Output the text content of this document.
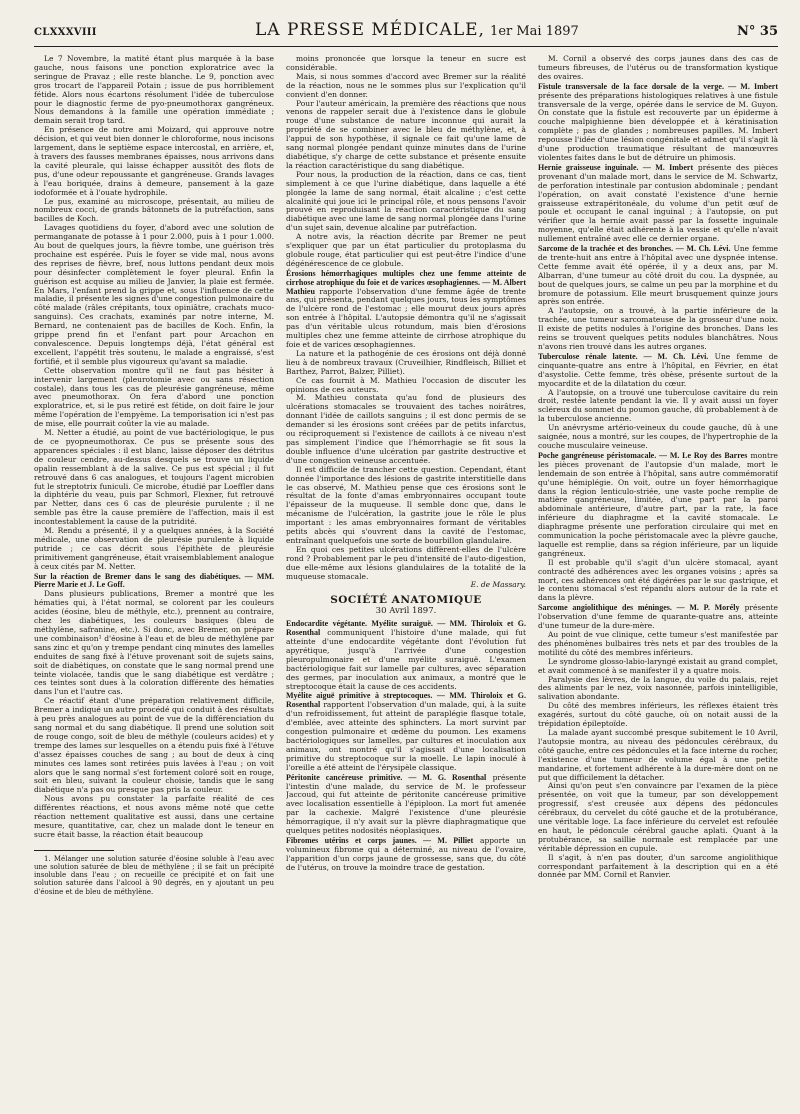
CLXXXVIII	LA PRESSE MÉDICALE, 1er Mai 1897	N° 35

Le 7 Novembre, la matité étant plus marquée à la base gauche, nous faisons une ponction exploratrice avec la seringue de Pravaz ; elle reste blanche. Le 9, ponction avec gros trocart de l'appareil Potain ; issue de pus horriblement fétide. Alors nous écartons résolument l'idée de tuberculose pour le diagnostic ferme de pyo-pneumothorax gangréneux. Nous demandons à la famille une opération immédiate ; demain serait trop tard.

En présence de notre ami Moizard, qui approuve notre décision, et qui veut bien donner le chloroforme, nous incisons largement, dans le septième espace intercostal, en arrière, et, à travers des fausses membranes épaisses, nous arrivons dans la cavité pleurale, qui laisse échapper aussitôt des flots de pus, d'une odeur repoussante et gangréneuse. Grands lavages à l'eau boriquée, drains à demeure, pansement à la gaze iodoformée et à l'ouate hydrophile.

Le pus, examiné au microscope, présentait, au milieu de nombreux cocci, de grands bâtonnets de la putréfaction, sans bacilles de Koch.

Lavages quotidiens du foyer, d'abord avec une solution de permanganate de potasse à 1 pour 2.000, puis à 1 pour 1.000. Au bout de quelques jours, la fièvre tombe, une guérison très prochaine est espérée. Puis le foyer se vide mal, nous avons des reprises de fièvre, bref, nous luttons pendant deux mois pour désinfecter complètement le foyer pleural. Enfin la guérison est acquise au milieu de Janvier, la plaie est fermée. En Mars, l'enfant prend la grippe et, sous l'influence de cette maladie, il présente les signes d'une congestion pulmonaire du côté malade (râles crépitants, toux opiniâtre, crachats muco-sanguins). Ces crachats, examinés par notre interne, M. Bernard, ne contenaient pas de bacilles de Koch. Enfin, la grippe prend fin et l'enfant part pour Arcachon en convalescence. Depuis longtemps déjà, l'état général est excellent, l'appétit très soutenu, le malade a engraissé, s'est fortifié, et il semble plus vigoureux qu'avant sa maladie.

Cette observation montre qu'il ne faut pas hésiter à intervenir largement (pleurotomie avec ou sans résection costale), dans tous les cas de pleurésie gangréneuse, même avec pneumothorax. On fera d'abord une ponction exploratrice, et, si le pus retiré est fétide, on doit faire le jour même l'opération de l'empyème. La temporisation ici n'est pas de mise, elle pourrait coûter la vie au malade.

M. Netter a étudié, au point de vue bactériologique, le pus de ce pyopneumothorax. Ce pus se présente sous des apparences spéciales : il est blanc, laisse déposer des détritus de couleur cendre, au-dessus desquels se trouve un liquide opalin ressemblant à de la salive. Ce pus est spécial ; il fut retrouvé dans 6 cas analogues, et toujours l'agent microbien fut le streptotrix funiculi. Ce microbe, étudié par Loeffler dans la diphtérie du veau, puis par Schmorl, Flexner, fut retrouvé par Netter, dans ces 6 cas de pleurésie purulente ; il ne semble pas être la cause première de l'affection, mais il est incontestablement la cause de la putridité.

M. Rendu a présenté, il y a quelques années, à la Société médicale, une observation de pleurésie purulente à liquide putride ; ce cas décrit sous l'épithète de pleurésie primitivement gangréneuse, était vraisemblablement analogue à ceux cités par M. Netter.

Sur la réaction de Bremer dans le sang des diabétiques. — MM. Pierre Marie et J. Le Goff.

Dans plusieurs publications, Bremer a montré que les hématies qui, à l'état normal, se colorent par les couleurs acides (éosine, bleu de méthyle, etc.), prennent au contraire, chez les diabétiques, les couleurs basiques (bleu de méthylène, safranine, etc.). Si donc, avec Bremer, on prépare une combinaison¹ d'éosine à l'eau et de bleu de méthylène par sans zinc et qu'on y trempe pendant cinq minutes des lamelles enduites de sang fixé à l'étuve provenant soit de sujets sains, soit de diabétiques, on constate que le sang normal prend une teinte violacée, tandis que le sang diabétique est verdâtre ; ces teintes sont dues à la coloration différente des hématies dans l'un et l'autre cas.

Ce réactif étant d'une préparation relativement difficile, Bremer a indiqué un autre procédé qui conduit à des résultats à peu près analogues au point de vue de la différenciation du sang normal et du sang diabétique. Il prend une solution soit de rouge congo, soit de bleu de méthyle (couleurs acides) et y trempe des lames sur lesquelles on a étendu puis fixé à l'étuve d'assez épaisses couches de sang ; au bout de deux à cinq minutes ces lames sont retirées puis lavées à l'eau ; on voit alors que le sang normal s'est fortement coloré soit en rouge, soit en bleu, suivant la couleur choisie, tandis que le sang diabétique n'a pas ou presque pas pris la couleur.

Nous avons pu constater la parfaite réalité de ces différentes réactions, et nous avons même noté que cette réaction nettement qualitative est aussi, dans une certaine mesure, quantitative, car, chez un malade dont le teneur en sucre était basse, la réaction était beaucoup

1. Mélanger une solution saturée d'éosine soluble à l'eau avec une solution saturée de bleu de méthylène ; il se fait un précipité insoluble dans l'eau ; on recueille ce précipité et on fait une solution saturée dans l'alcool à 90 degrés, en y ajoutant un peu d'éosine et de bleu de méthylène.

moins prononcée que lorsque la teneur en sucre est considérable.

Mais, si nous sommes d'accord avec Bremer sur la réalité de la réaction, nous ne le sommes plus sur l'explication qu'il convient d'en donner.

Pour l'auteur américain, la première des réactions que nous venons de rappeler serait due à l'existence dans le globule rouge d'une substance de nature inconnue qui aurait la propriété de se combiner avec le bleu de méthylène, et, à l'appui de son hypothèse, il signale ce fait qu'une lame de sang normal plongée pendant quinze minutes dans de l'urine diabétique, s'y charge de cette substance et présente ensuite la réaction caractéristique du sang diabétique.

Pour nous, la production de la réaction, dans ce cas, tient simplement à ce que l'urine diabétique, dans laquelle a été plongée la lame de sang normal, était alcaline ; c'est cette alcalinité qui joue ici le principal rôle, et nous pensons l'avoir prouvé en reproduisant la réaction caractéristique du sang diabétique avec une lame de sang normal plongée dans l'urine d'un sujet sain, devenue alcaline par putréfaction.

A notre avis, la réaction décrite par Bremer ne peut s'expliquer que par un état particulier du protoplasma du globule rouge, état particulier qui est peut-être l'indice d'une dégénérescence de ce globule.

Érosions hémorrhagiques multiples chez une femme atteinte de cirrhose atrophique du foie et de varices œsophagiennes. — M. Albert Mathieu rapporte l'observation d'une femme âgée de trente ans, qui présenta, pendant quelques jours, tous les symptômes de l'ulcère rond de l'estomac ; elle mourut deux jours après son entrée à l'hôpital. L'autopsie démontra qu'il ne s'agissait pas d'un véritable ulcus rotundum, mais bien d'érosions multiples chez une femme atteinte de cirrhose atrophique du foie et de varices œsophagiennes.

La nature et la pathogénie de ces érosions ont déjà donné lieu à de nombreux travaux (Cruveilhier, Rindfleisch, Billiet et Barthez, Parrot, Balzer, Pilliet).

Ce cas fournit à M. Mathieu l'occasion de discuter les opinions de ces auteurs.

M. Mathieu constata qu'au fond de plusieurs des ulcérations stomacales se trouvaient des taches noirâtres, donnant l'idée de caillots sanguins ; il est donc permis de se demander si les érosions sont créées par de petits infarctus, ou réciproquement si l'existence de caillots à ce niveau n'est pas simplement l'indice que l'hémorrhagie se fit sous la double influence d'une ulcération par gastrite destructive et d'une congestion veineuse accentuée.

Il est difficile de trancher cette question. Cependant, étant donnée l'importance des lésions de gastrite interstitielle dans le cas observé, M. Mathieu pense que ces érosions sont le résultat de la fonte d'amas embryonnaires occupant toute l'épaisseur de la muqueuse. Il semble donc que, dans le mécanisme de l'ulcération, la gastrite joue le rôle le plus important : les amas embryonnaires formant de véritables petits abcès qui s'ouvrent dans la cavité de l'estomac, entraînant quelquefois une sorte de bourbillon glandulaire.

En quoi ces petites ulcérations diffèrent-elles de l'ulcère rond ? Probablement par le peu d'intensité de l'auto-digestion, due elle-même aux lésions glandulaires de la totalité de la muqueuse stomacale.

E. de Massary.

SOCIÉTÉ ANATOMIQUE
30 Avril 1897.

Endocardite végétante. Myélite suraiguë. — MM. Thiroloix et G. Rosenthal communiquent l'histoire d'une malade, qui fut atteinte d'une endocardite végétante dont l'évolution fut apyrétique, jusqu'à l'arrivée d'une congestion pleuropulmonaire et d'une myélite suraiguë. L'examen bactériologique fait sur lamelle par cultures, avec séparation des germes, par inoculation aux animaux, a montré que le streptocoque était la cause de ces accidents.

Myélite aiguë primitive à streptocoques. — MM. Thiroloix et G. Rosenthal rapportent l'observation d'un malade, qui, à la suite d'un refroidissement, fut atteint de paraplégie flasque totale, d'emblée, avec atteinte des sphincters. La mort survint par congestion pulmonaire et œdème du poumon. Les examens bactériologiques sur lamelles, par cultures et inoculation aux animaux, ont montré qu'il s'agissait d'une localisation primitive du streptocoque sur la moelle. Le lapin inoculé à l'oreille a été atteint de l'érysipèle classique.

Péritonite cancéreuse primitive. — M. G. Rosenthal présente l'intestin d'une malade, du service de M. le professeur Jaccoud, qui fut atteinte de péritonite cancéreuse primitive avec localisation essentielle à l'épiploon. La mort fut amenée par la cachexie. Malgré l'existence d'une pleurésie hémorragique, il n'y avait sur la plèvre diaphragmatique que quelques petites nodosités néoplasiques.

Fibromes utérins et corps jaunes. — M. Pilliet apporte un volumineux fibrome qui a déterminé, au niveau de l'ovaire, l'apparition d'un corps jaune de grossesse, sans que, du côté de l'utérus, on trouve la moindre trace de gestation.

M. Cornil a observé des corps jaunes dans des cas de tumeurs fibreuses, de l'utérus ou de transformation kystique des ovaires.

Fistule transversale de la face dorsale de la verge. — M. Imbert présente des préparations histologiques relatives à une fistule transversale de la verge, opérée dans le service de M. Guyon. On constate que la fistule est recouverte par un épiderme à couche malpighienne bien développée et à kératinisation complète ; pas de glandes ; nombreuses papilles. M. Imbert repousse l'idée d'une lésion congénitale et admet qu'il s'agit là d'une production traumatique résultant de manœuvres violentes faites dans le but de détruire un phimosis.

Hernie graisseuse inguinale. — M. Imbert présente des pièces provenant d'un malade mort, dans le service de M. Schwartz, de perforation intestinale par contusion abdominale ; pendant l'opération, on avait constaté l'existence d'une hernie graisseuse extrapéritonéale, du volume d'un petit œuf de poule et occupant le canal inguinal ; à l'autopsie, on put vérifier que la hernie avait passé par la fossette inguinale moyenne, qu'elle était adhérente à la vessie et qu'elle n'avait nullement entraîné avec elle ce dernier organe.

Sarcome de la trachée et des bronches. — M. Ch. Lévi. Une femme de trente-huit ans entre à l'hôpital avec une dyspnée intense. Cette femme avait été opérée, il y a deux ans, par M. Albarran, d'une tumeur au côté droit du cou. La dyspnée, au bout de quelques jours, se calme un peu par la morphine et du bromure de potassium. Elle meurt brusquement quinze jours après son entrée.

A l'autopsie, on a trouvé, à la partie inférieure de la trachée, une tumeur sarcomateuse de la grosseur d'une noix. Il existe de petits nodules à l'origine des bronches. Dans les reins se trouvent quelques petits nodules blanchâtres. Nous n'avons rien trouvé dans les autres organes.

Tuberculose rénale latente. — M. Ch. Lévi. Une femme de cinquante-quatre ans entre à l'hôpital, en Février, en état d'asystolie. Cette femme, très obèse, présente surtout de la myocardite et de la dilatation du cœur.

A l'autopsie, on a trouvé une tuberculose cavitaire du rein droit, restée latente pendant la vie. Il y avait aussi un foyer scléreux du sommet du poumon gauche, dû probablement à de la tuberculose ancienne.

Un anévrysme artério-veineux du coude gauche, dû à une saignée, nous a montré, sur les coupes, de l'hypertrophie de la couche musculaire veineuse.

Poche gangréneuse péristomacale. — M. Le Roy des Barres montre les pièces provenant de l'autopsie d'un malade, mort le lendemain de son entrée à l'hôpital, sans autre commémoratif qu'une hémiplégie. On voit, outre un foyer hémorrhagique dans la région lenticulo-striée, une vaste poche remplie de matière gangréneuse, limitée, d'une part par la paroi abdominale antérieure, d'autre part, par la rate, la face inférieure du diaphragme et la cavité stomacale. Le diaphragme présente une perforation circulaire qui met en communication la poche péristomacale avec la plèvre gauche, laquelle est remplie, dans sa région inférieure, par un liquide gangréneux.

Il est probable qu'il s'agit d'un ulcère stomacal, ayant contracté des adhérences avec les organes voisins ; après sa mort, ces adhérences ont été digérées par le suc gastrique, et le contenu stomacal s'est répandu alors autour de la rate et dans la plèvre.

Sarcome angiolithique des méninges. — M. P. Morély présente l'observation d'une femme de quarante-quatre ans, atteinte d'une tumeur de la dure-mère.

Au point de vue clinique, cette tumeur s'est manifestée par des phénomènes bulbaires très nets et par des troubles de la motilité du côté des membres inférieurs.

Le syndrome glosso-labio-laryngé existait au grand complet, et avait commencé à se manifester il y a quatre mois.

Paralysie des lèvres, de la langue, du voile du palais, rejet des aliments par le nez, voix nasonnée, parfois inintelligible, salivation abondante.

Du côté des membres inférieurs, les réflexes étaient très exagérés, surtout du côté gauche, où on notait aussi de la trépidation épileptoïde.

La malade ayant succombé presque subitement le 10 Avril, l'autopsie montra, au niveau des pédoncules cérébraux, du côté gauche, entre ces pédoncules et la face interne du rocher, l'existence d'une tumeur de volume égal à une petite mandarine, et fortement adhérente à la dure-mère dont on ne put que difficilement la détacher.

Ainsi qu'on peut s'en convaincre par l'examen de la pièce présentée, on voit que la tumeur, par son développement progressif, s'est creusée aux dépens des pédoncules cérébraux, du cervelet du côté gauche et de la protubérance, une véritable loge. La face inférieure du cervelet est refoulée en haut, le pédoncule cérébral gauche aplati. Quant à la protubérance, sa saillie normale est remplacée par une véritable dépression en cupule.

Il s'agit, à n'en pas douter, d'un sarcome angiolithique correspondant parfaitement à la description qui en a été donnée par MM. Cornil et Ranvier.
